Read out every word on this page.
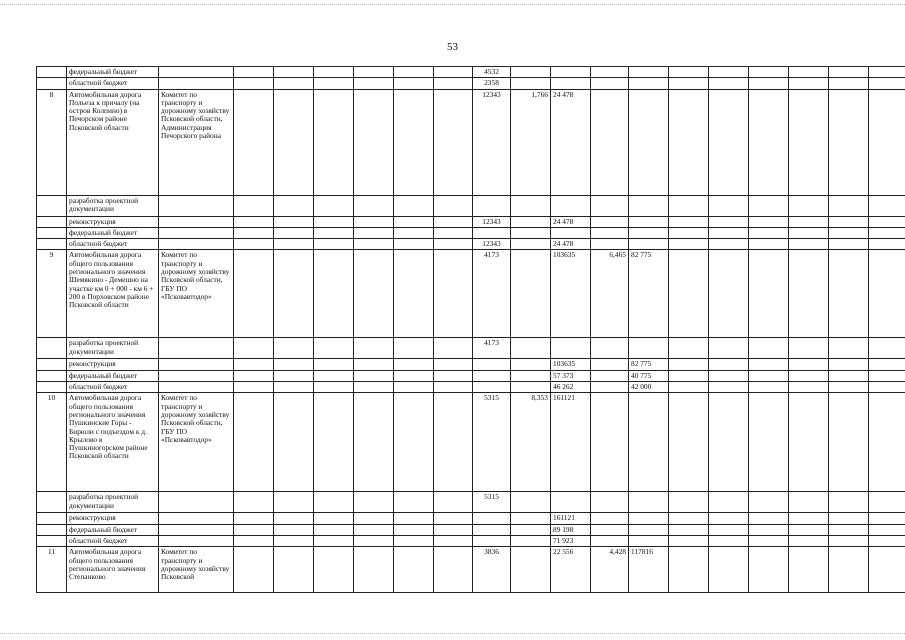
53
	федеральный бюджет								4532										
	областной бюджет								2358										
8	Автомобильная дорога Польеза к причалу (на остров Колпино) в Печорском районе Псковской области	Комитет по транспорту и дорожному хозяйству Псковской области, Администрация Печорского района							12343	1,766	24 478								
	разработка проектной документации																		
	реконструкция								12343		24 478								
	федеральный бюджет																		
	областной бюджет								12343		24 478								
9	Автомобильная дорога общего пользования регионального значения Шемякино - Демешно на участке км 0 + 000 - км 6 + 200 в Порховском районе Псковской области	Комитет по транспорту и дорожному хозяйству Псковской области, ГБУ ПО «Псковавтодор»							4173		103635	6,465	82 775						
	разработка проектной документации								4173										
	реконструкция										103635		82 775						
	федеральный бюджет										57 373		40 775						
	областной бюджет										46 262		42 000						
10	Автомобильная дорога общего пользования регионального значения Пушкинские Горы - Бирюли с подъездом к д. Крылово в Пушкиногорском районе Псковской области	Комитет по транспорту и дорожному хозяйству Псковской области, ГБУ ПО «Псковавтодор»							5315	8,353	161121								
	разработка проектной документации								5315										
	реконструкция										161121								
	федеральный бюджет										89 198								
	областной бюджет										71 923								
11	Автомобильная дорога общего пользования регионального значения Степанково	Комитет по транспорту и дорожному хозяйству Псковской							3836		22 556	4,428	117816						
